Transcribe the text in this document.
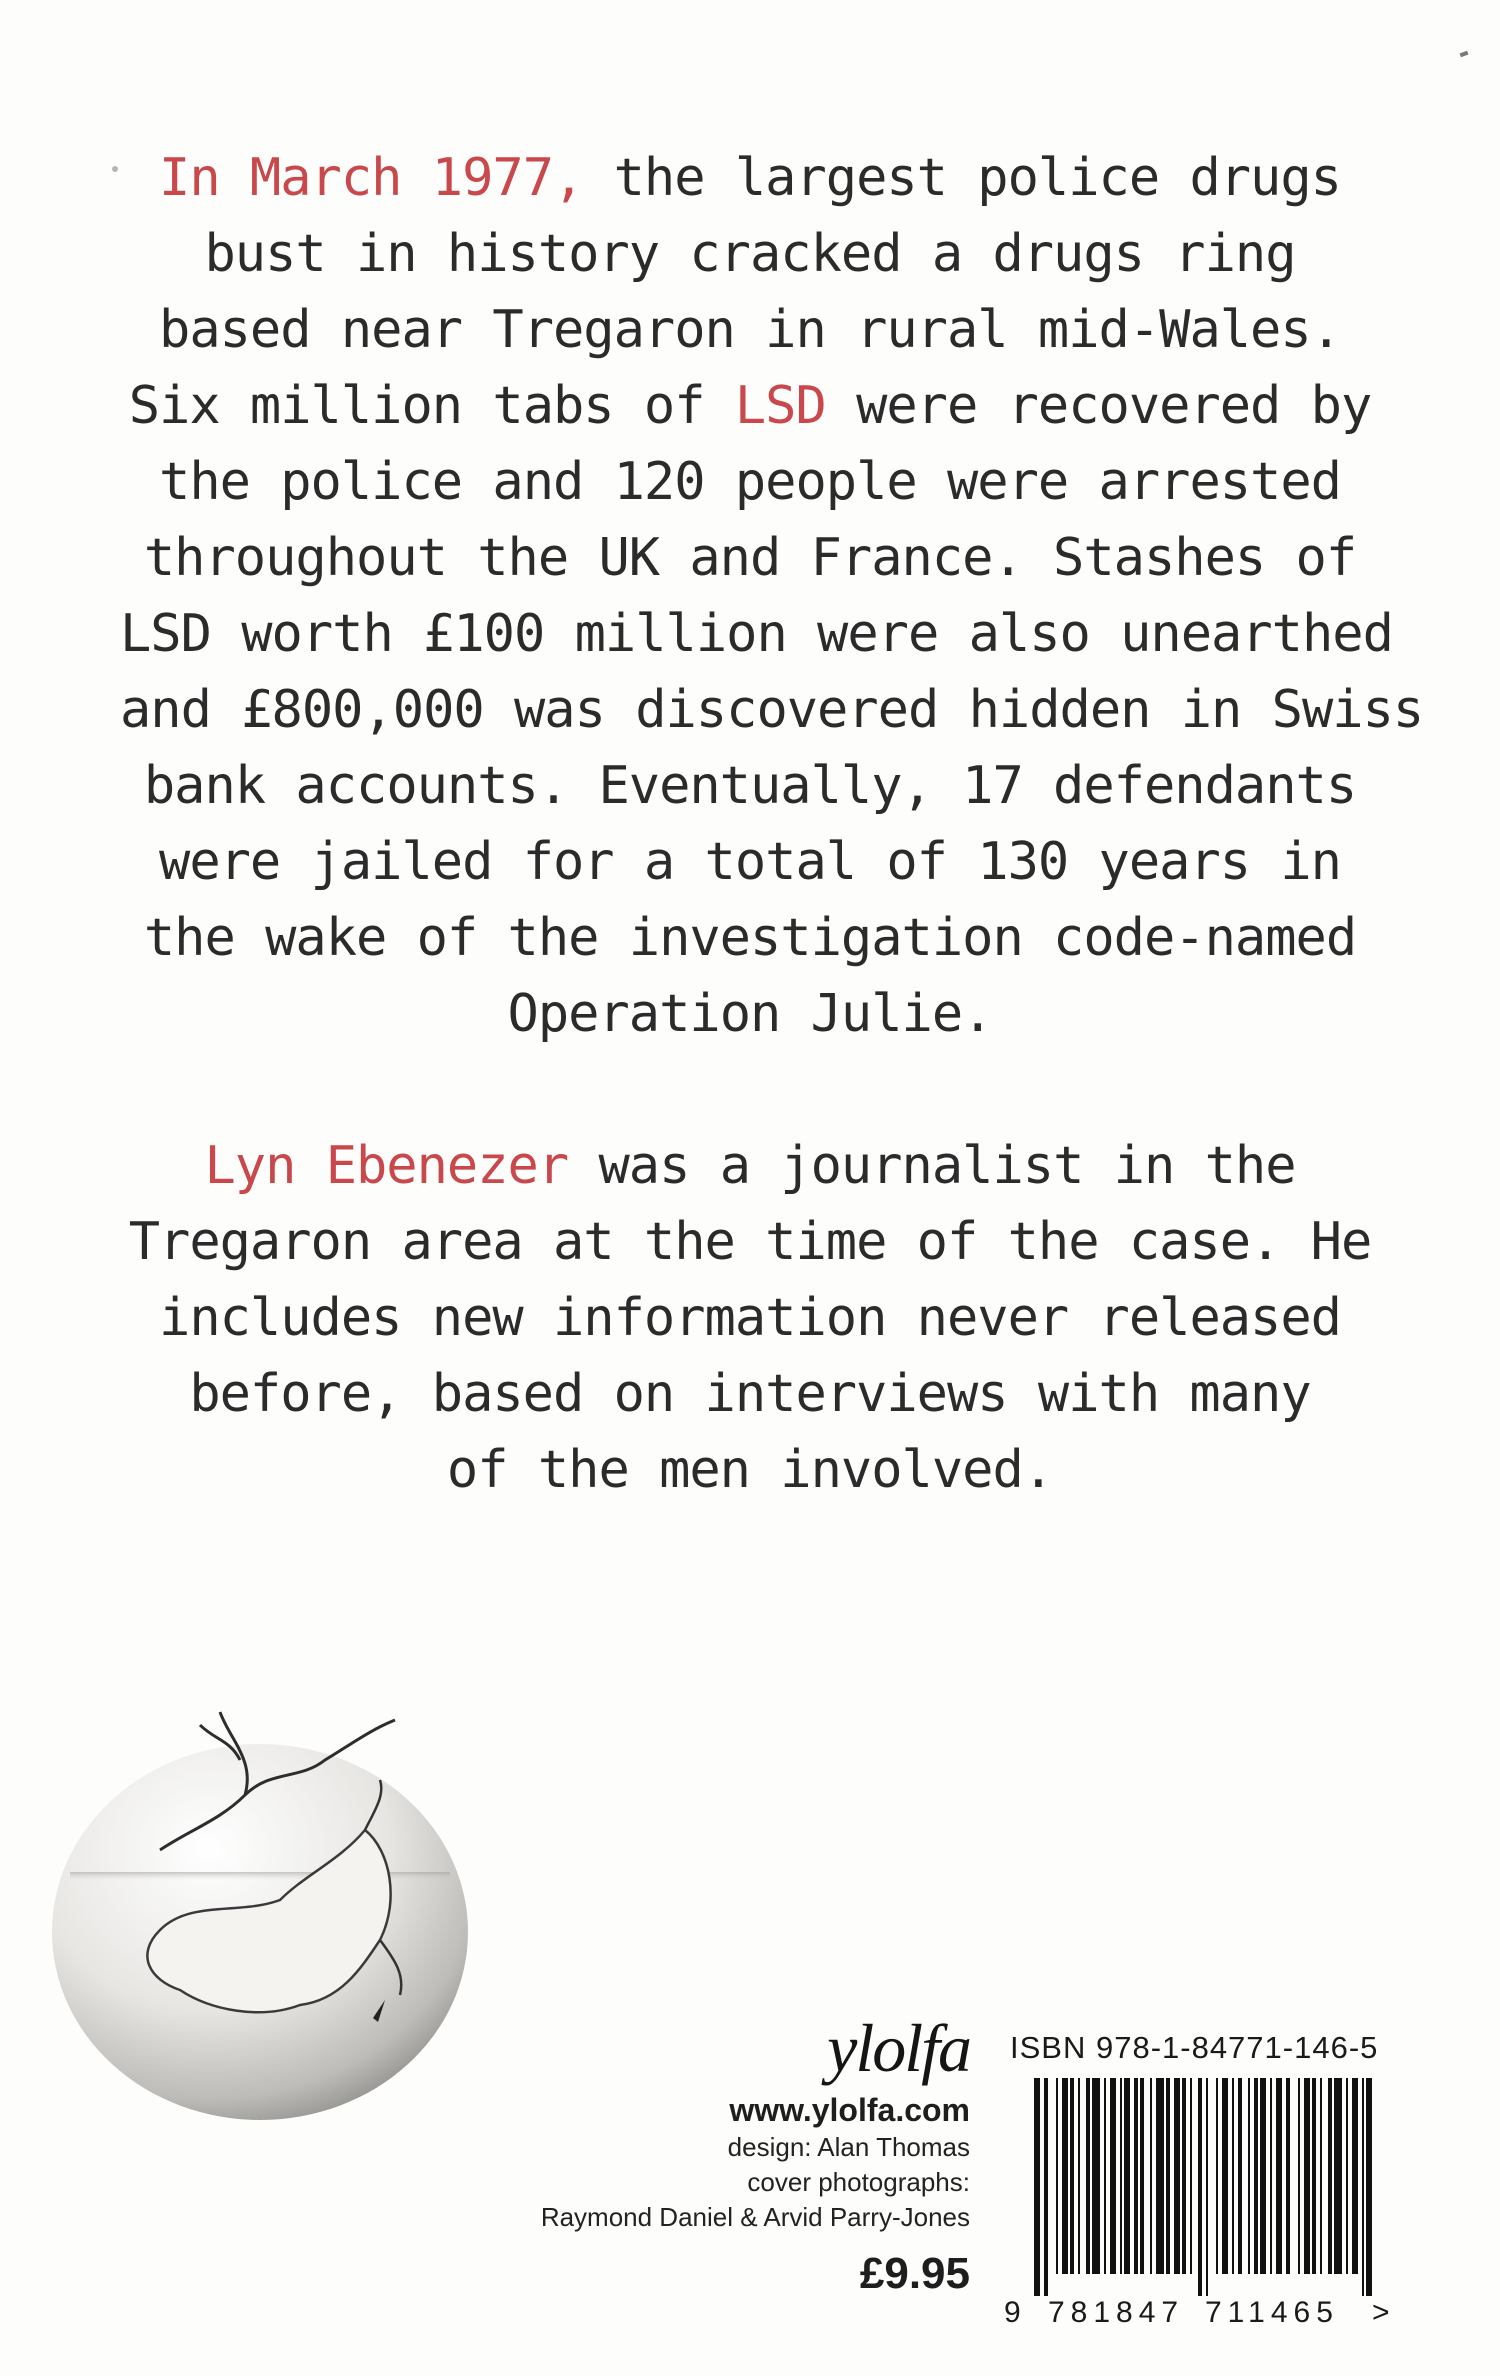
In March 1977, the largest police drugs
bust in history cracked a drugs ring
based near Tregaron in rural mid-Wales.
Six million tabs of LSD were recovered by
the police and 120 people were arrested
throughout the UK and France. Stashes of
LSD worth £100 million were also unearthed
and £800,000 was discovered hidden in Swiss
bank accounts. Eventually, 17 defendants
were jailed for a total of 130 years in
the wake of the investigation code-named
Operation Julie.
Lyn Ebenezer was a journalist in the
Tregaron area at the time of the case. He
includes new information never released
before, based on interviews with many
of the men involved.
ylolfa
www.ylolfa.com
design: Alan Thomas
cover photographs:
Raymond Daniel & Arvid Parry-Jones
£9.95
ISBN 978-1-84771-146-5
9 781847 711465 >
